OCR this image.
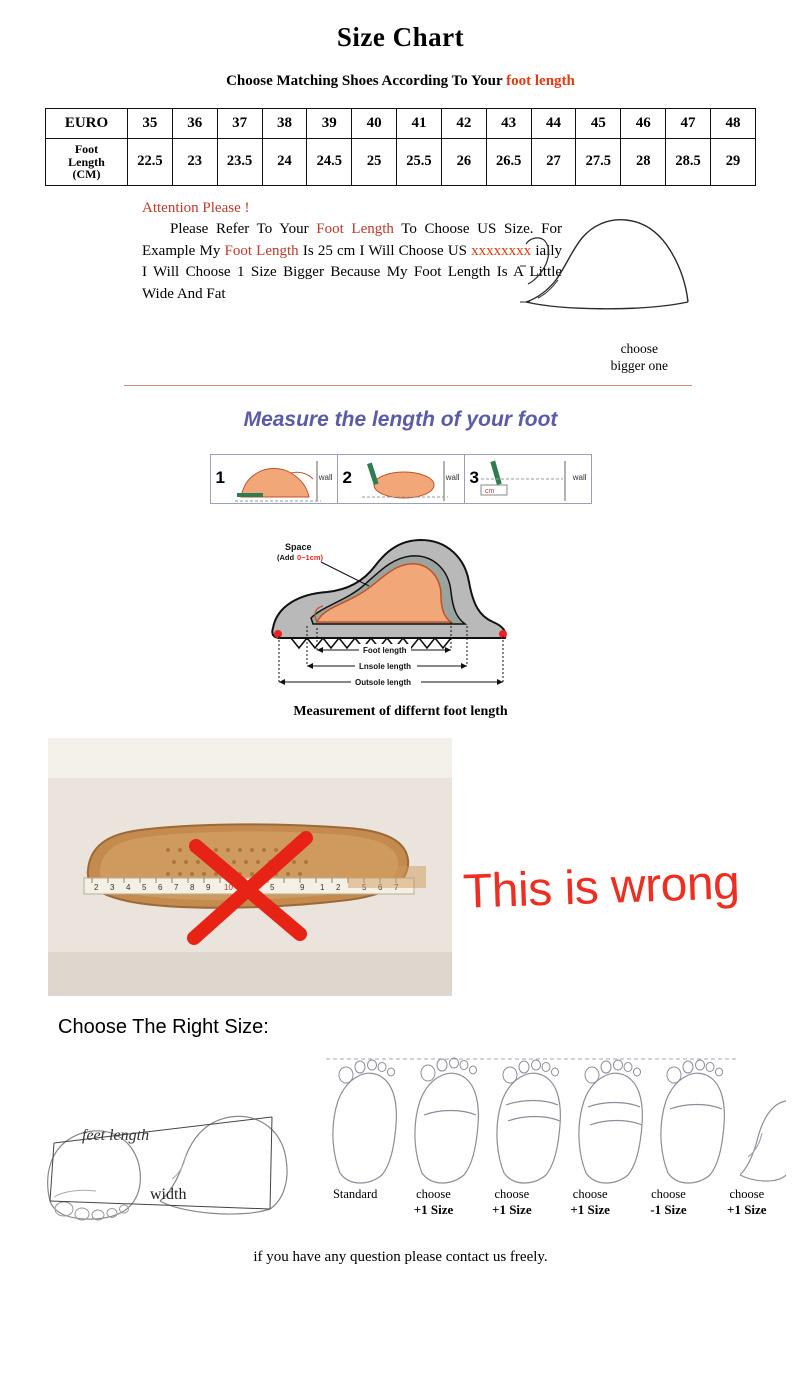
Size Chart
Choose Matching Shoes According To Your foot length
EURO	35	36	37	38	39	40	41	42	43	44	45	46	47	48

Foot
Length
(CM)	22.5	23	23.5	24	24.5	25	25.5	26	26.5	27	27.5	28	28.5	29
Attention Please !
Please Refer To Your Foot Length To Choose US Size. For Example My Foot Length Is 25 cm I Will Choose US xxxxxxxx ially I Will Choose 1 Size Bigger Because My Foot Length Is A Little Wide And Fat
choose
bigger one
Measure the length of your foot
1	wall 2	wall 3	wall
cm
Space
(Add 0~1cm)
Foot length
Lnsole length
Outsole length
Measurement of differnt foot length
2 3 4 5 6 7 8 9 10	5	9 1 2	This is wrong
Choose The Right Size:
feet length
width	Standard	choose
+1 Size
choose
+1 Size
choose
+1 Size
choose
-1 Size
choose
+1 Size
if you have any question please contact us freely.
